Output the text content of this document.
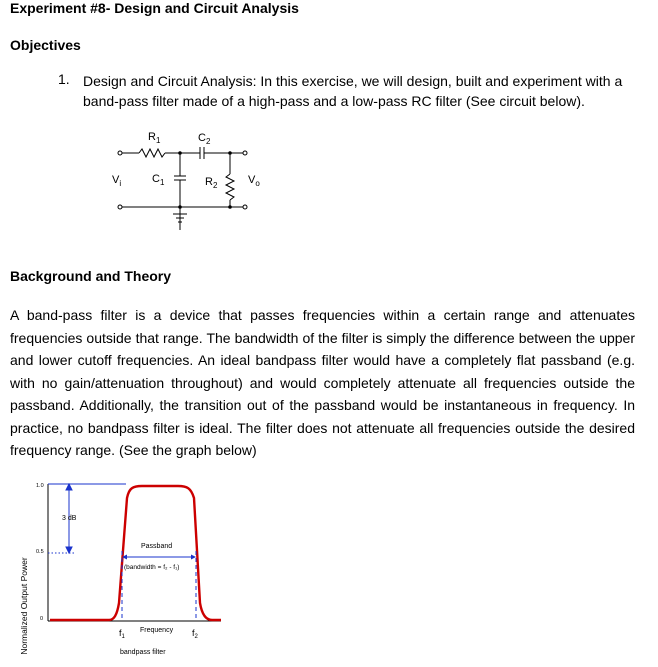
Experiment #8- Design and Circuit Analysis
Objectives
1. Design and Circuit Analysis: In this exercise, we will design, built and experiment with a band-pass filter made of a high-pass and a low-pass RC filter (See circuit below).
$R_1$	$C_2$
$V_i$	$C_1$	$R_2$	$V_o$
Background and Theory
A band-pass filter is a device that passes frequencies within a certain range and attenuates frequencies outside that range. The bandwidth of the filter is simply the difference between the upper and lower cutoff frequencies. An ideal bandpass filter would have a completely flat passband (e.g. with no gain/attenuation throughout) and would completely attenuate all frequencies outside the passband. Additionally, the transition out of the passband would be instantaneous in frequency. In practice, no bandpass filter is ideal. The filter does not attenuate all frequencies outside the desired frequency range. (See the graph below)
Normalized Output Power
1.0
0.5
0
3 dB
Passband
(bandwidth = f₂ - f₁)
$f_1$
Frequency $f_2$
bandpass filter
